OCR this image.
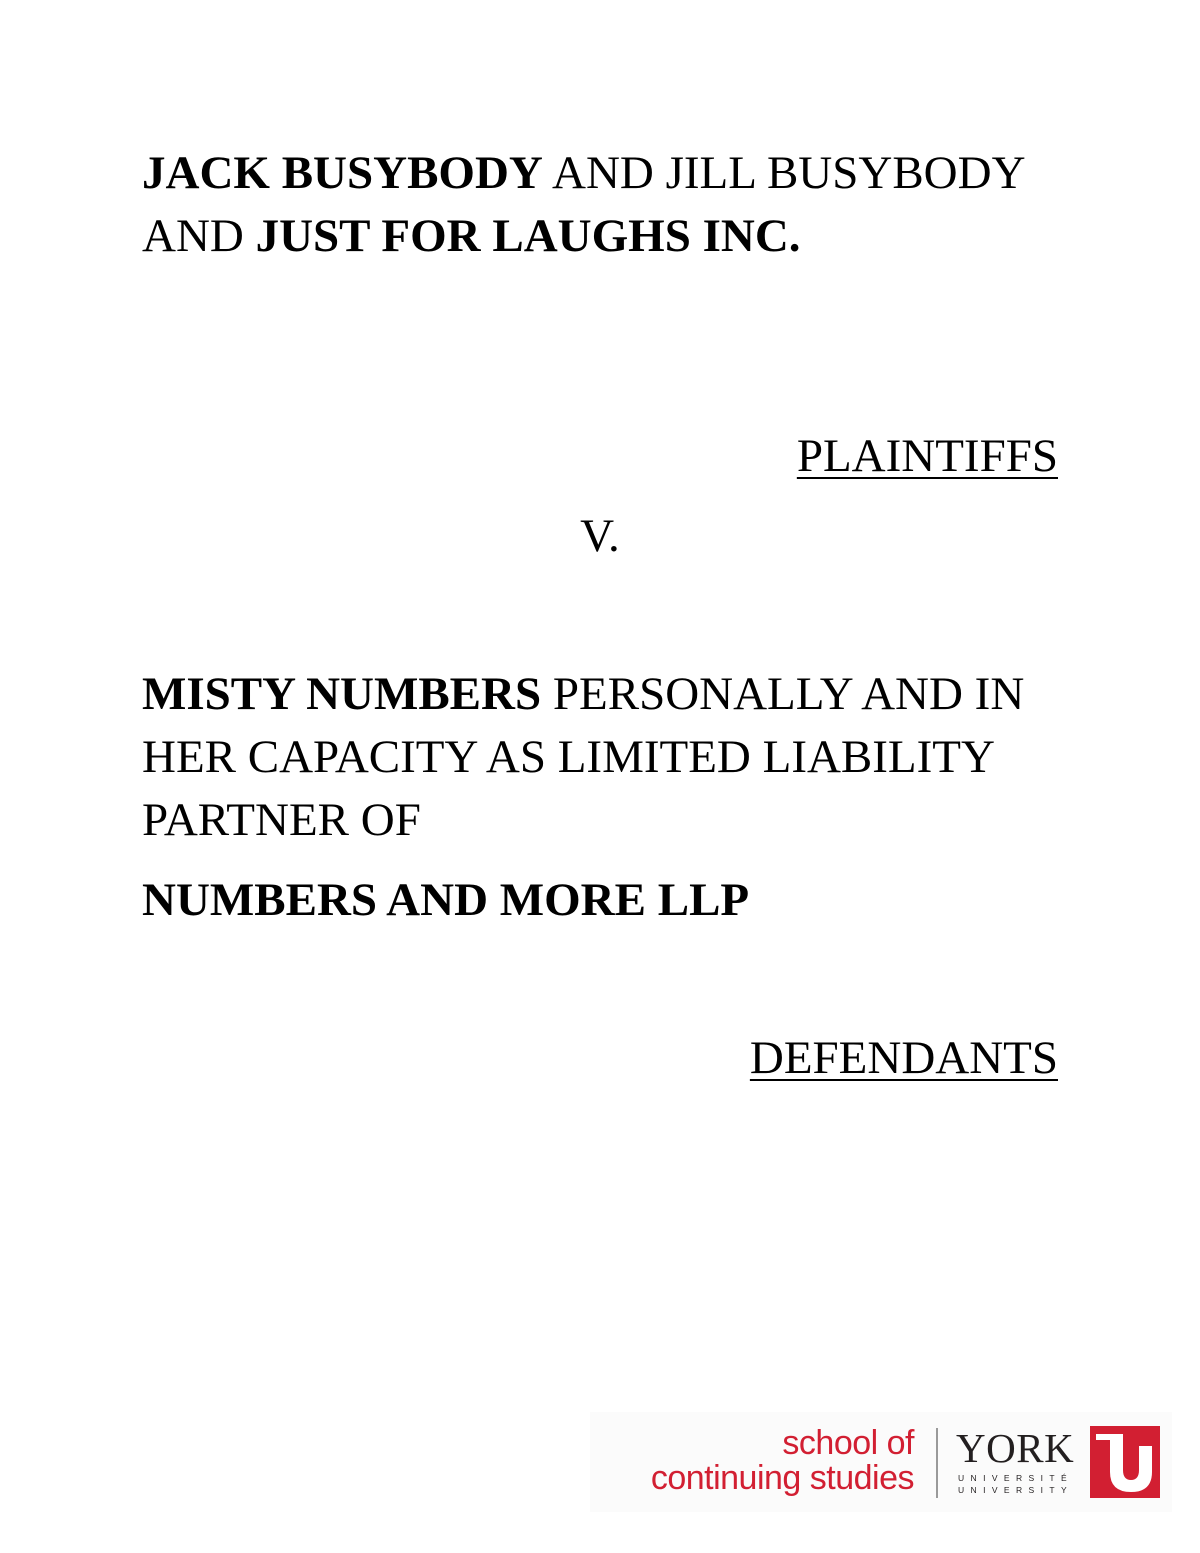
JACK BUSYBODY AND JILL BUSYBODY AND JUST FOR LAUGHS INC.
PLAINTIFFS
V.
MISTY NUMBERS PERSONALLY AND IN HER CAPACITY AS LIMITED LIABILITY PARTNER OF
NUMBERS AND MORE LLP
DEFENDANTS
school of
continuing studies
YORK
UNIVERSITÉ
UNIVERSITY
